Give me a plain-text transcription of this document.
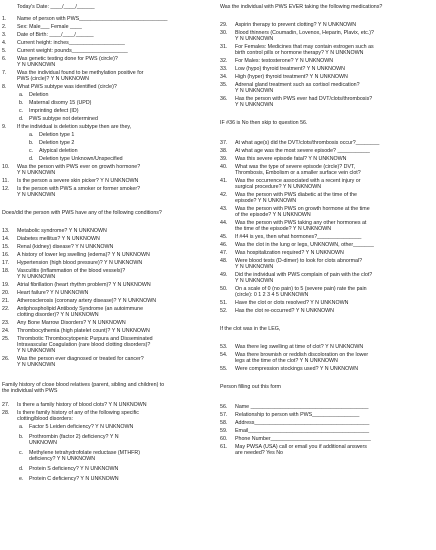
Today's Date: ____/____/______
1. Name of person with PWS______________________________
2. Sex: Male___ Female ____
3. Date of Birth: ____/____/______
4. Current height: inches___________________
5. Current weight: pounds___________________
6. Was genetic testing done for PWS (circle)?
Y N UNKNOWN
7. Was the individual found to be methylation positive for
PWS (circle)? Y N UNKNOWN
8. What PWS subtype was identified (circle)?
a. Deletion
b. Maternal disomy 15 (UPD)
c. Imprinting defect (ID)
d. PWS subtype not determined
9. If the individual is deletion subtype then are they,
a. Deletion type 1
b. Deletion type 2
c. Atypical deletion
d. Deletion type Unknown/Unspecified
10. Was the person with PWS ever on growth hormone?
Y N UNKNOWN
11. Is the person a severe skin picker? Y N UNKNOWN
12. Is the person with PWS a smoker or former smoker?
Y N UNKNOWN
Does/did the person with PWS have any of the following conditions?
13. Metabolic syndrome? Y N UNKNOWN
14. Diabetes mellitus? Y N UNKNOWN
15. Renal (kidney) disease? Y N UNKNOWN
16. A history of lower leg swelling (edema)? Y N UNKNOWN
17. Hypertension (high blood pressure)? Y N UNKNOWN
18. Vasculitis (inflammation of the blood vessels)?
Y N UNKNOWN
19. Atrial fibrillation (heart rhythm problem)? Y N UNKNOWN
20. Heart failure? Y N UNKNOWN
21. Atherosclerosis (coronary artery disease)? Y N UNKNOWN
22. Antiphospholipid Antibody Syndrome (an autoimmune
clotting disorder)? Y N UNKNOWN
23. Any Bone Marrow Disorders? Y N UNKNOWN
24. Thrombocythemia (high platelet count)? Y N UNKNOWN
25. Thrombotic Thrombocytopenic Purpura and Disseminated
Intravascular Coagulation (rare blood clotting disorders)?
Y N UNKNOWN
26. Was the person ever diagnosed or treated for cancer?
Y N UNKNOWN
Family history of close blood relatives (parent, sibling and children) to
the individual with PWS
27. Is there a family history of blood clots? Y N UNKNOWN
28. Is there family history of any of the following specific
clotting/blood disorders:
a. Factor 5 Leiden deficiency? Y N UNKNOWN
b. Prothrombin (factor 2) deficiency? Y N
UNKNOWN
c. Methylene tetrahydrofolate reductase (MTHFR)
deficiency? Y N UNKNOWN
d. Protein S deficiency? Y N UNKNOWN
e. Protein C deficiency? Y N UNKNOWN
Was the individual with PWS EVER taking the following medications?
29. Aspirin therapy to prevent clotting? Y N UNKNOWN
30. Blood thinners (Coumadin, Lovenox, Heparin, Plavix, etc.)?
Y N UNKNOWN
31. For Females: Medicines that may contain estrogen such as
birth control pills or hormone therapy? Y N UNKNOWN
32. For Males: testosterone? Y N UNKNOWN
33. Low (hypo) thyroid treatment? Y N UNKNOWN
34. High (hyper) thyroid treatment? Y N UNKNOWN
35. Adrenal gland treatment such as cortisol medication?
Y N UNKNOWN
36. Has the person with PWS ever had DVT/clots/thrombosis?
Y N UNKNOWN
IF #36 is No then skip to question 56.
37. At what age(s) did the DVT/clots/thrombosis occur?________
38. At what age was the most severe episode? ___________
39. Was this severe episode fatal? Y N UNKNOWN
40. What was the type of severe episode (circle)? DVT,
Thrombosis, Embolism or a smaller surface vein clot?
41. Was the occurrence associated with a recent injury or
surgical procedure? Y N UNKNOWN
42. Was the person with PWS diabetic at the time of the
episode? Y N UNKNOWN
43. Was the person with PWS on growth hormone at the time
of the episode? Y N UNKNOWN
44. Was the person with PWS taking any other hormones at
the time of the episode? Y N UNKNOWN
45. If #44 is yes, then what hormones?_______________
46. Was the clot in the lung or legs, UNKNOWN, other_______
47. Was hospitalization required? Y N UNKNOWN
48. Were blood tests (D-dimer) to look for clots abnormal?
Y N UNKNOWN
49. Did the individual with PWS complain of pain with the clot?
Y N UNKNOWN
50. On a scale of 0 (no pain) to 5 (severe pain) rate the pain
(circle): 0 1 2 3 4 5 UNKNOWN
51. Have the clot or clots resolved? Y N UNKNOWN
52. Has the clot re-occurred? Y N UNKNOWN
If the clot was in the LEG,
53. Was there leg swelling at time of clot? Y N UNKNOWN
54. Was there brownish or reddish discoloration on the lower
legs at the time of the clot? Y N UNKNOWN
55. Were compression stockings used? Y N UNKNOWN
Person filling out this form
56. Name ________________________________________
57. Relationship to person with PWS________________
58. Address_______________________________________
59. Email_________________________________________
60. Phone Number__________________________________
61. May PWSA (USA) call or email you if additional answers
are needed? Yes No
